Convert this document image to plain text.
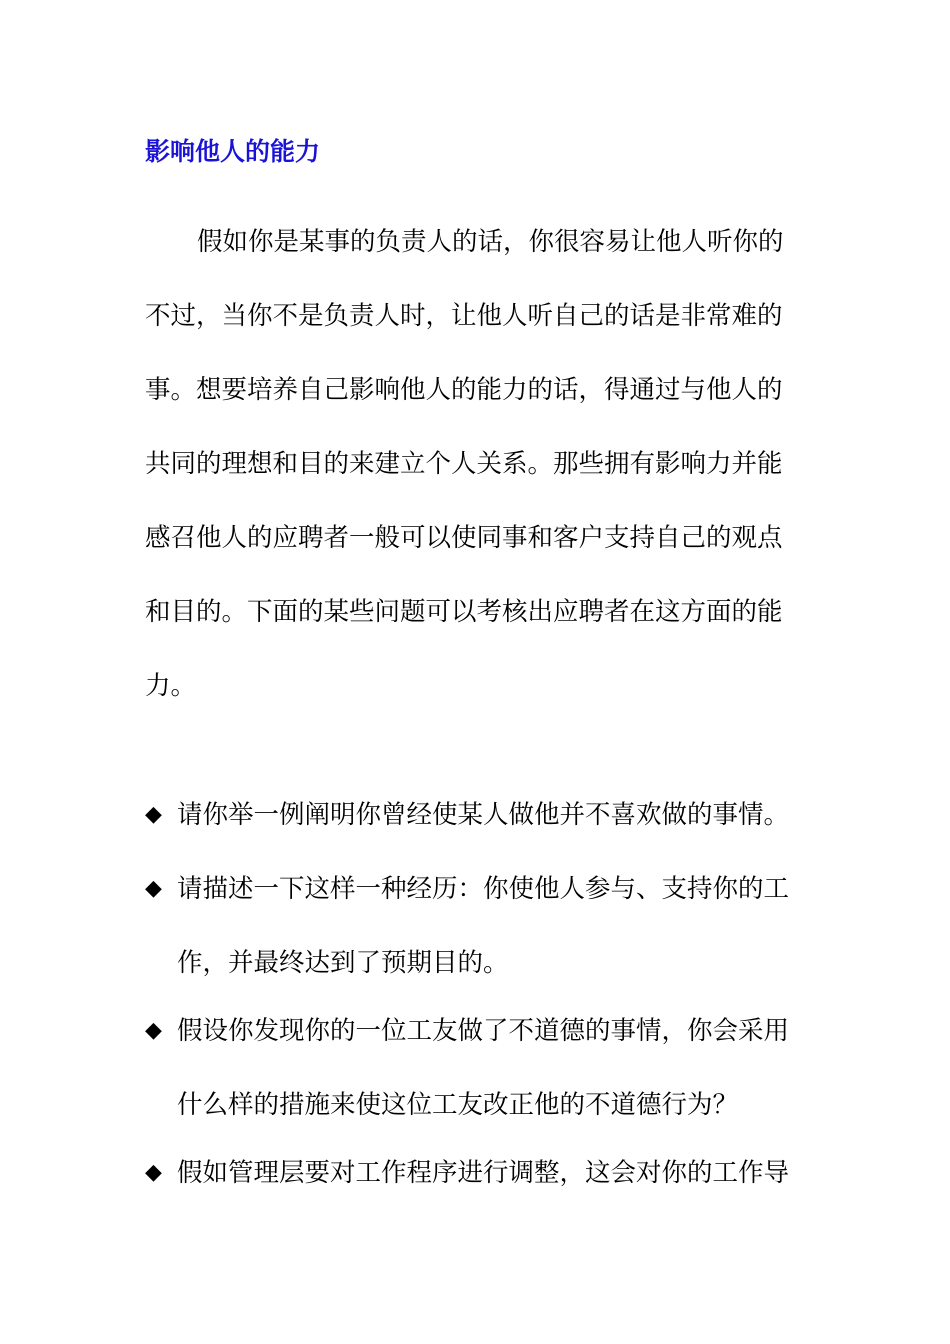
影响他人的能力
假如你是某事的负责人的话，你很容易让他人听你的
不过，当你不是负责人时，让他人听自己的话是非常难的
事。想要培养自己影响他人的能力的话，得通过与他人的
共同的理想和目的来建立个人关系。那些拥有影响力并能
感召他人的应聘者一般可以使同事和客户支持自己的观点
和目的。下面的某些问题可以考核出应聘者在这方面的能
力。
◆ 请你举一例阐明你曾经使某人做他并不喜欢做的事情。
◆ 请描述一下这样一种经历：你使他人参与、支持你的工
作，并最终达到了预期目的。
◆ 假设你发现你的一位工友做了不道德的事情，你会采用
什么样的措施来使这位工友改正他的不道德行为？
◆ 假如管理层要对工作程序进行调整，这会对你的工作导
